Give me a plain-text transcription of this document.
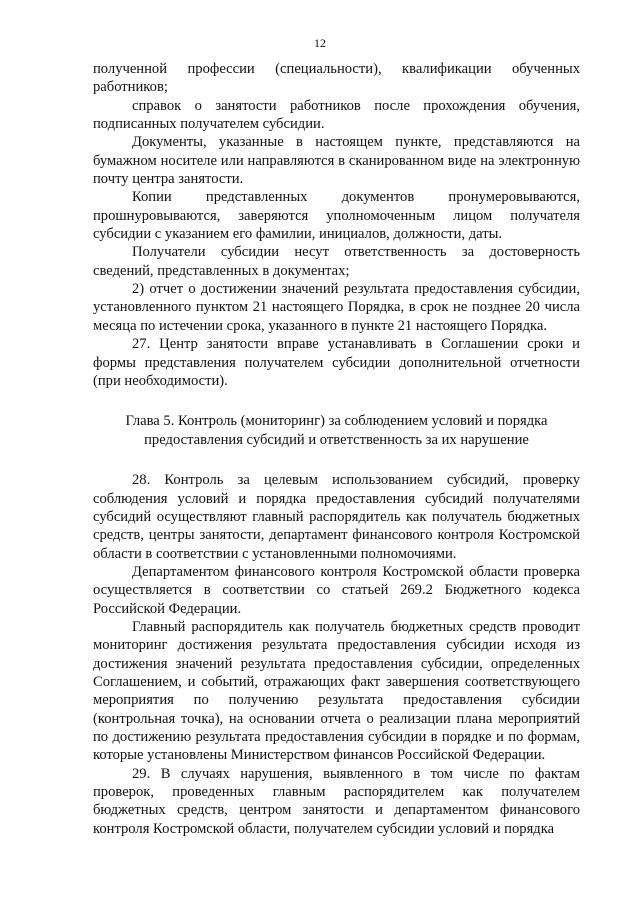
12

полученной профессии (специальности), квалификации обученных работников;

справок о занятости работников после прохождения обучения, подписанных получателем субсидии.

Документы, указанные в настоящем пункте, представляются на бумажном носителе или направляются в сканированном виде на электронную почту центра занятости.

Копии представленных документов пронумеровываются, прошнуровываются, заверяются уполномоченным лицом получателя субсидии с указанием его фамилии, инициалов, должности, даты.

Получатели субсидии несут ответственность за достоверность сведений, представленных в документах;

2) отчет о достижении значений результата предоставления субсидии, установленного пунктом 21 настоящего Порядка, в срок не позднее 20 числа месяца по истечении срока, указанного в пункте 21 настоящего Порядка.

27. Центр занятости вправе устанавливать в Соглашении сроки и формы представления получателем субсидии дополнительной отчетности (при необходимости).

Глава 5. Контроль (мониторинг) за соблюдением условий и порядка
предоставления субсидий и ответственность за их нарушение

28. Контроль за целевым использованием субсидий, проверку соблюдения условий и порядка предоставления субсидий получателями субсидий осуществляют главный распорядитель как получатель бюджетных средств, центры занятости, департамент финансового контроля Костромской области в соответствии с установленными полномочиями.

Департаментом финансового контроля Костромской области проверка осуществляется в соответствии со статьей 269.2 Бюджетного кодекса Российской Федерации.

Главный распорядитель как получатель бюджетных средств проводит мониторинг достижения результата предоставления субсидии исходя из достижения значений результата предоставления субсидии, определенных Соглашением, и событий, отражающих факт завершения соответствующего мероприятия по получению результата предоставления субсидии (контрольная точка), на основании отчета о реализации плана мероприятий по достижению результата предоставления субсидии в порядке и по формам, которые установлены Министерством финансов Российской Федерации.

29. В случаях нарушения, выявленного в том числе по фактам проверок, проведенных главным распорядителем как получателем бюджетных средств, центром занятости и департаментом финансового контроля Костромской области, получателем субсидии условий и порядка
